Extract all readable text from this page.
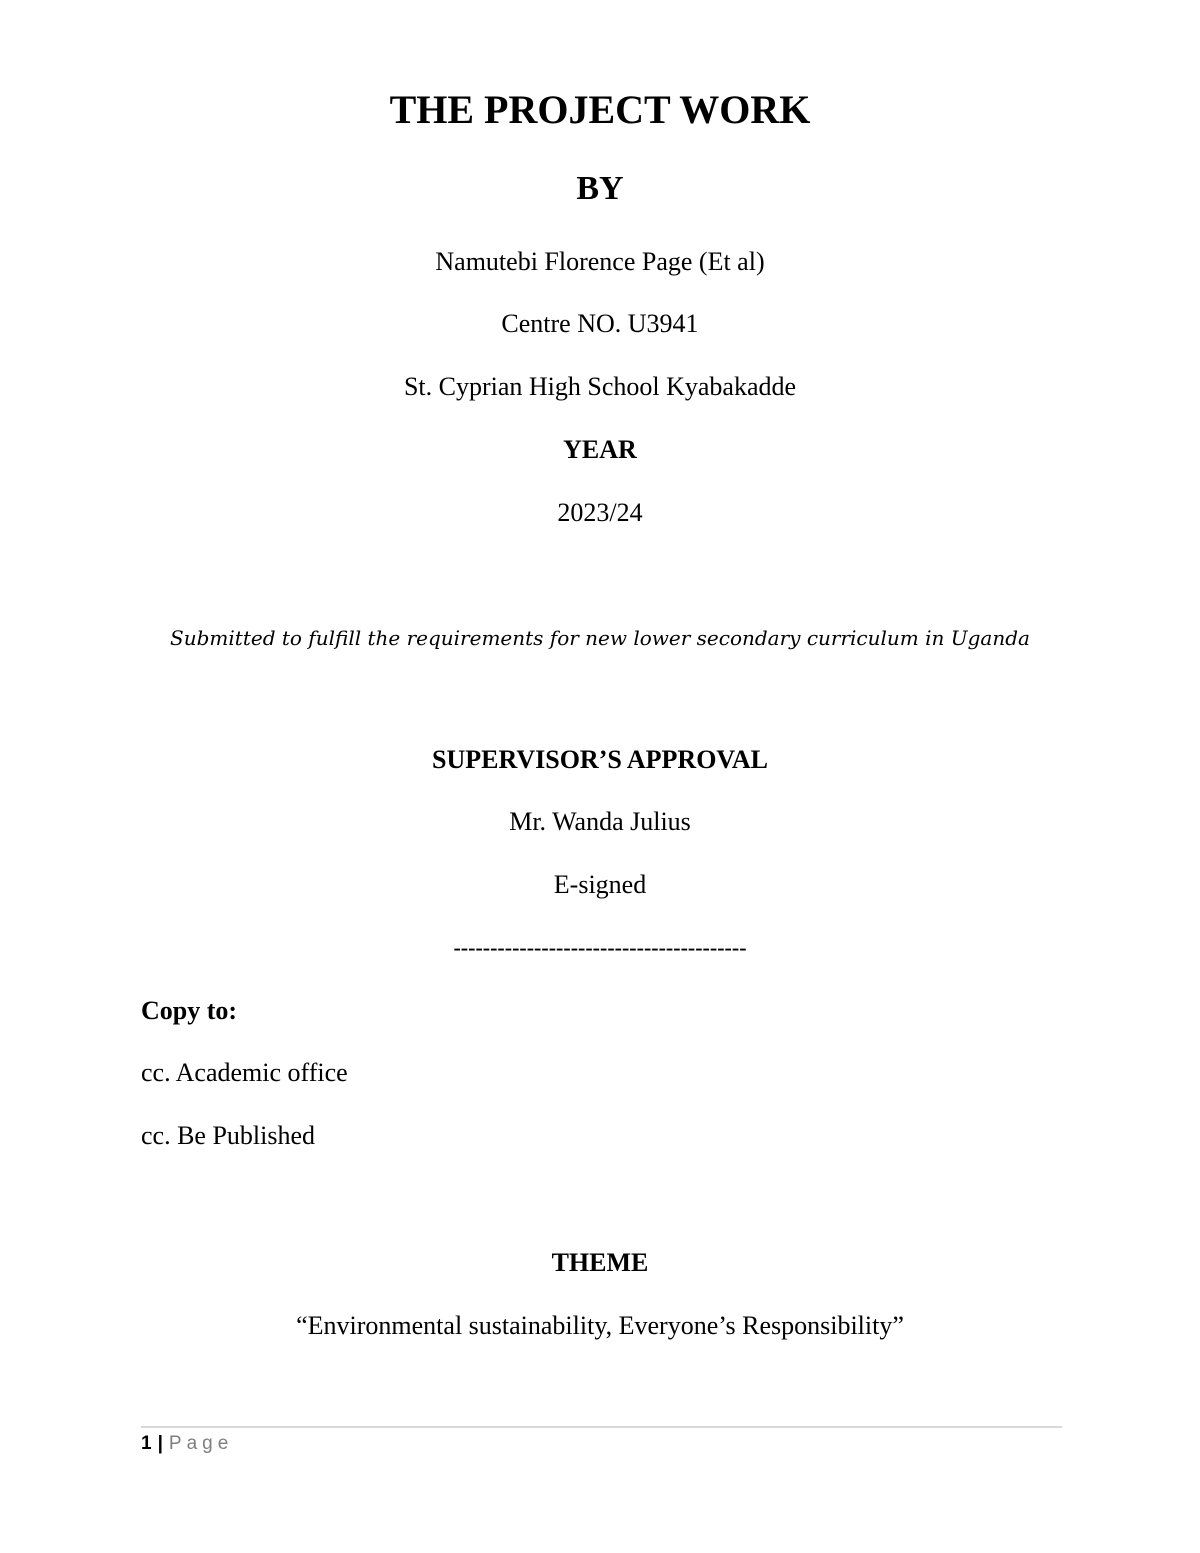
THE PROJECT WORK
BY
Namutebi Florence Page (Et al)
Centre NO. U3941
St. Cyprian High School Kyabakadde
YEAR
2023/24
Submitted to fulfill the requirements for new lower secondary curriculum in Uganda
SUPERVISOR’S APPROVAL
Mr. Wanda Julius
E-signed
----------------------------------------
Copy to:
cc. Academic office
cc. Be Published
THEME
“Environmental sustainability, Everyone’s Responsibility”
1 | Page
